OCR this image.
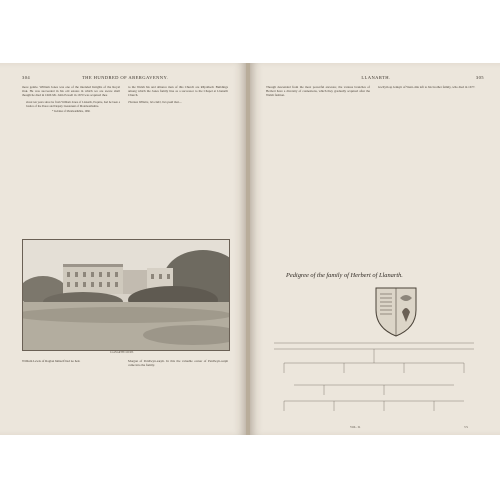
304	THE HUNDRED OF ABERGAVENNY.

more gentle. William Jones was one of the intended Knights of the Royal Oak. He was succeeded in his old estates in which we are aware shall though he died in 1666 Mr. John Powell in 1670 was acquired thee

about ten years since he from William Jones of Llanarth, Esquire, had he been a Justice of the Peace and Deputy Lieutenant of Monmouthshire.

* Liebister of Monmouthshire, 1660.

to the Welsh his and alliance men of this Church are Rhyddsell. Buildings among which the Jones family line as a successor to the Chapel at Llanarth Church.

Thomas Wilkins, his elder, lies paid that—

LLANARTH COURT.

William Lewis of Raglan himself had no heir.	Morgan of Penllwyn-sarph. In this the valuable owner of Penllwyn-sarph came into the family.

LLANARTH.	305

Though descended from the most powerful ancestor, the various branches of Herbert have a diversity of connexions, which they gradually acquired after the Welsh fashion.

Gwilym ap Jenkyn of Wern-ddu left to his brother family, who died in 1677.

Pedigree of the family of Herbert of Llanarth.
VOL. II.	3 S
